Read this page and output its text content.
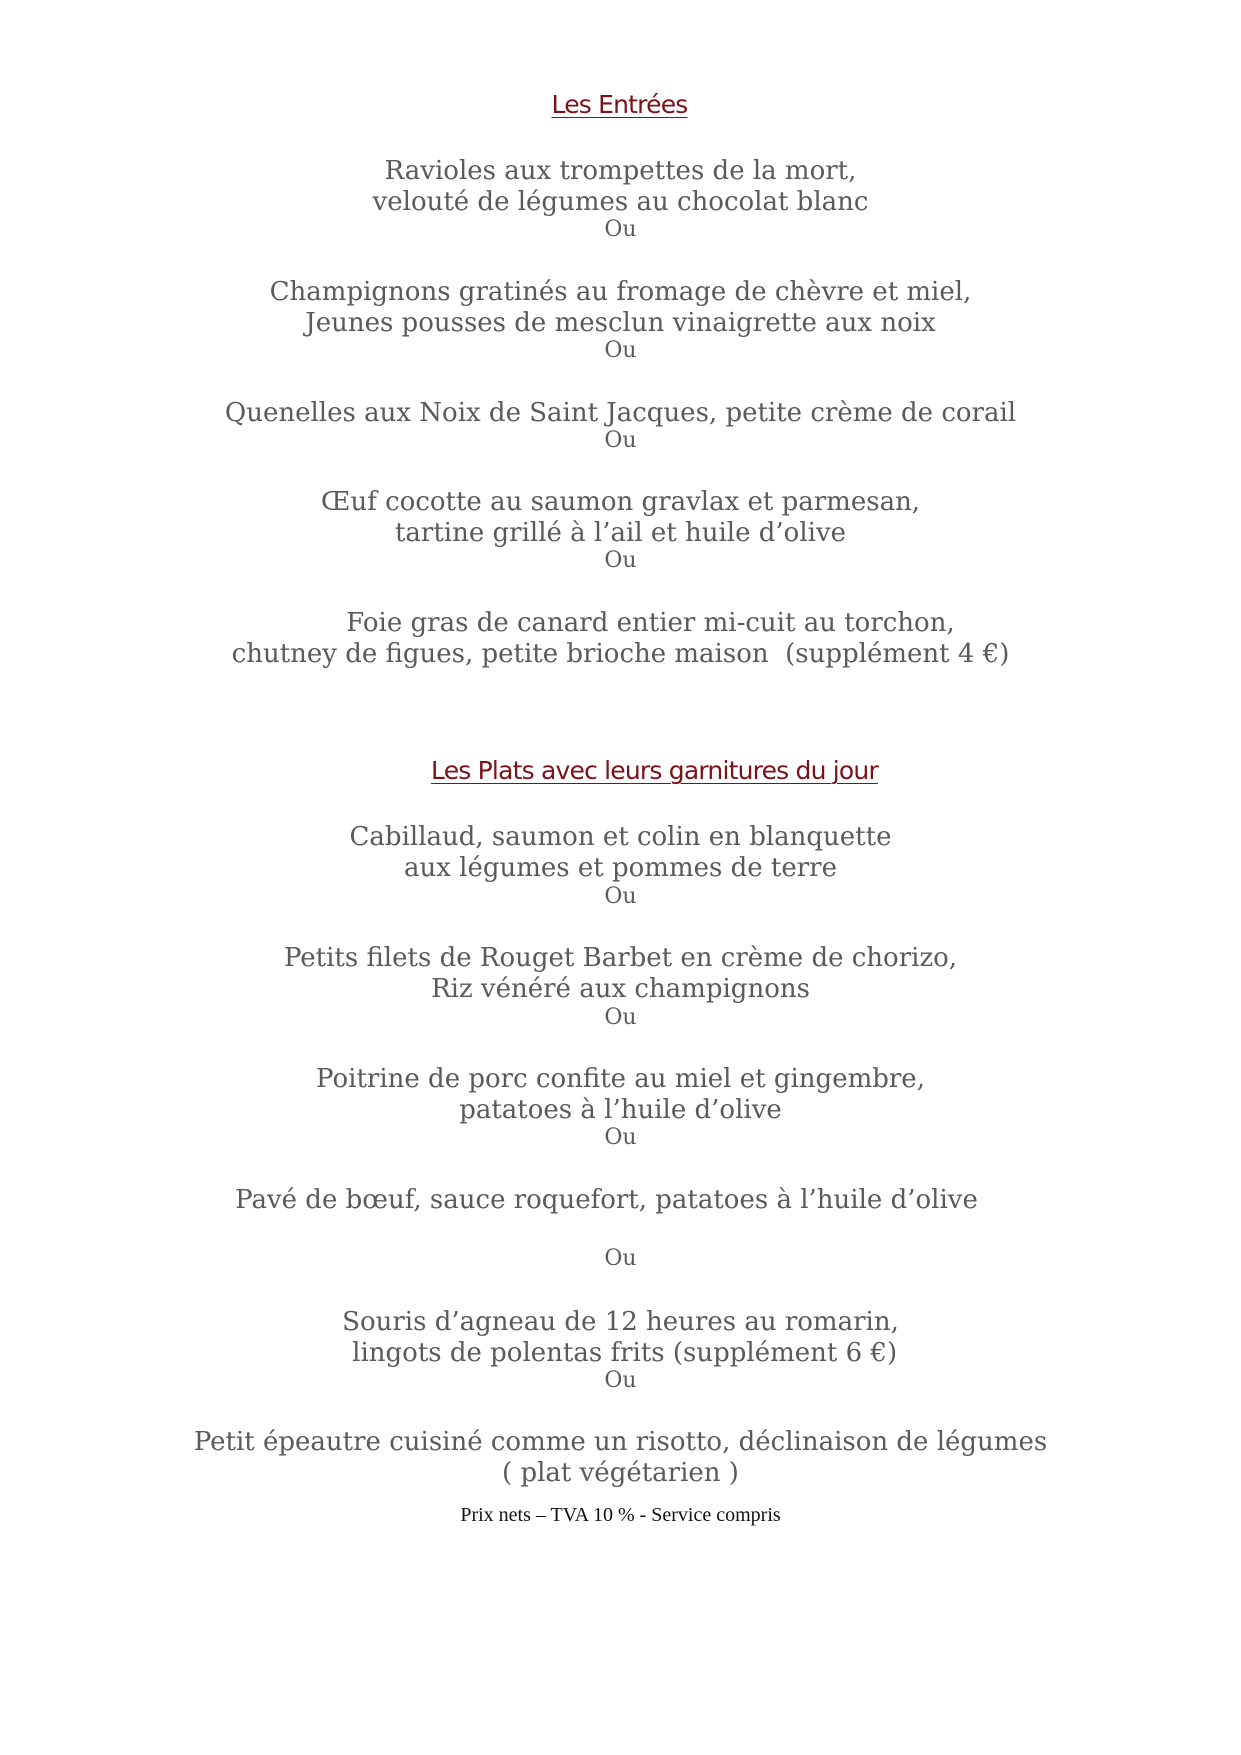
Les Entrées
Ravioles aux trompettes de la mort,
velouté de légumes au chocolat blanc
Ou
Champignons gratinés au fromage de chèvre et miel,
Jeunes pousses de mesclun vinaigrette aux noix
Ou
Quenelles aux Noix de Saint Jacques, petite crème de corail
Ou
Œuf cocotte au saumon gravlax et parmesan,
tartine grillé à l’ail et huile d’olive
Ou
Foie gras de canard entier mi-cuit au torchon,
chutney de figues, petite brioche maison  (supplément 4 €)
Les Plats avec leurs garnitures du jour
Cabillaud, saumon et colin en blanquette
aux légumes et pommes de terre
Ou
Petits filets de Rouget Barbet en crème de chorizo,
Riz vénéré aux champignons
Ou
Poitrine de porc confite au miel et gingembre,
patatoes à l’huile d’olive
Ou
Pavé de bœuf, sauce roquefort, patatoes à l’huile d’olive
Ou
Souris d’agneau de 12 heures au romarin,
lingots de polentas frits (supplément 6 €)
Ou
Petit épeautre cuisiné comme un risotto, déclinaison de légumes
( plat végétarien )
Prix nets – TVA 10 % - Service compris
